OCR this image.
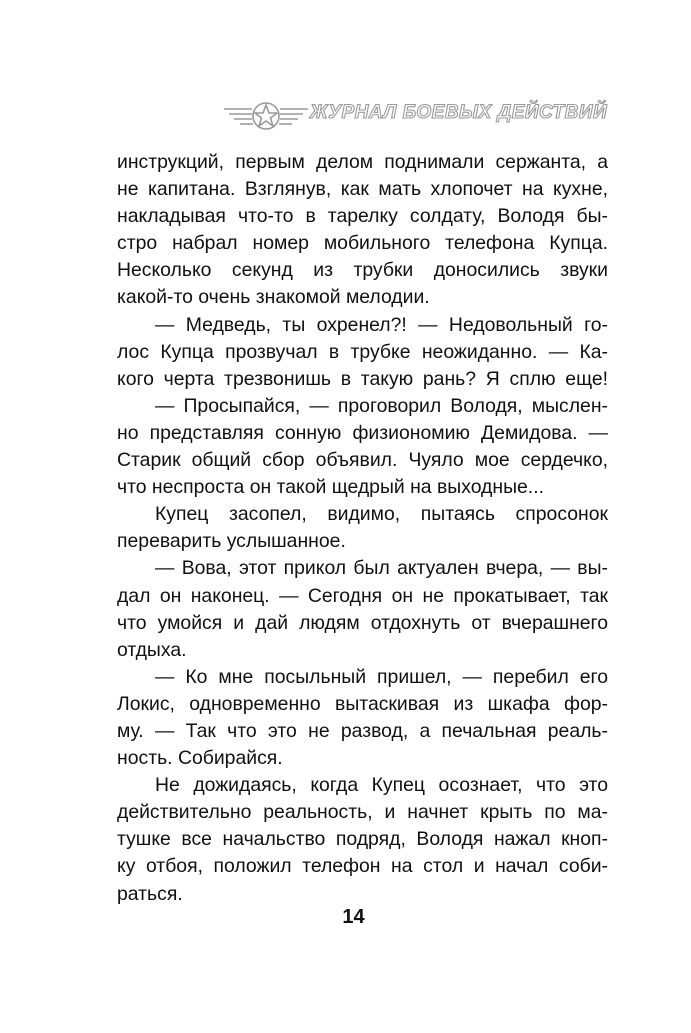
ЖУРНАЛ БОЕВЫХ ДЕЙСТВИЙ
инструкций, первым делом поднимали сержанта, а
не капитана. Взглянув, как мать хлопочет на кухне,
накладывая что-то в тарелку солдату, Володя бы-
стро набрал номер мобильного телефона Купца.
Несколько секунд из трубки доносились звуки
какой-то очень знакомой мелодии.
— Медведь, ты охренел?! — Недовольный го-
лос Купца прозвучал в трубке неожиданно. — Ка-
кого черта трезвонишь в такую рань? Я сплю еще!
— Просыпайся, — проговорил Володя, мыслен-
но представляя сонную физиономию Демидова. —
Старик общий сбор объявил. Чуяло мое сердечко,
что неспроста он такой щедрый на выходные...
Купец засопел, видимо, пытаясь спросонок
переварить услышанное.
— Вова, этот прикол был актуален вчера, — вы-
дал он наконец. — Сегодня он не прокатывает, так
что умойся и дай людям отдохнуть от вчерашнего
отдыха.
— Ко мне посыльный пришел, — перебил его
Локис, одновременно вытаскивая из шкафа фор-
му. — Так что это не развод, а печальная реаль-
ность. Собирайся.
Не дожидаясь, когда Купец осознает, что это
действительно реальность, и начнет крыть по ма-
тушке все начальство подряд, Володя нажал кноп-
ку отбоя, положил телефон на стол и начал соби-
раться.
14
